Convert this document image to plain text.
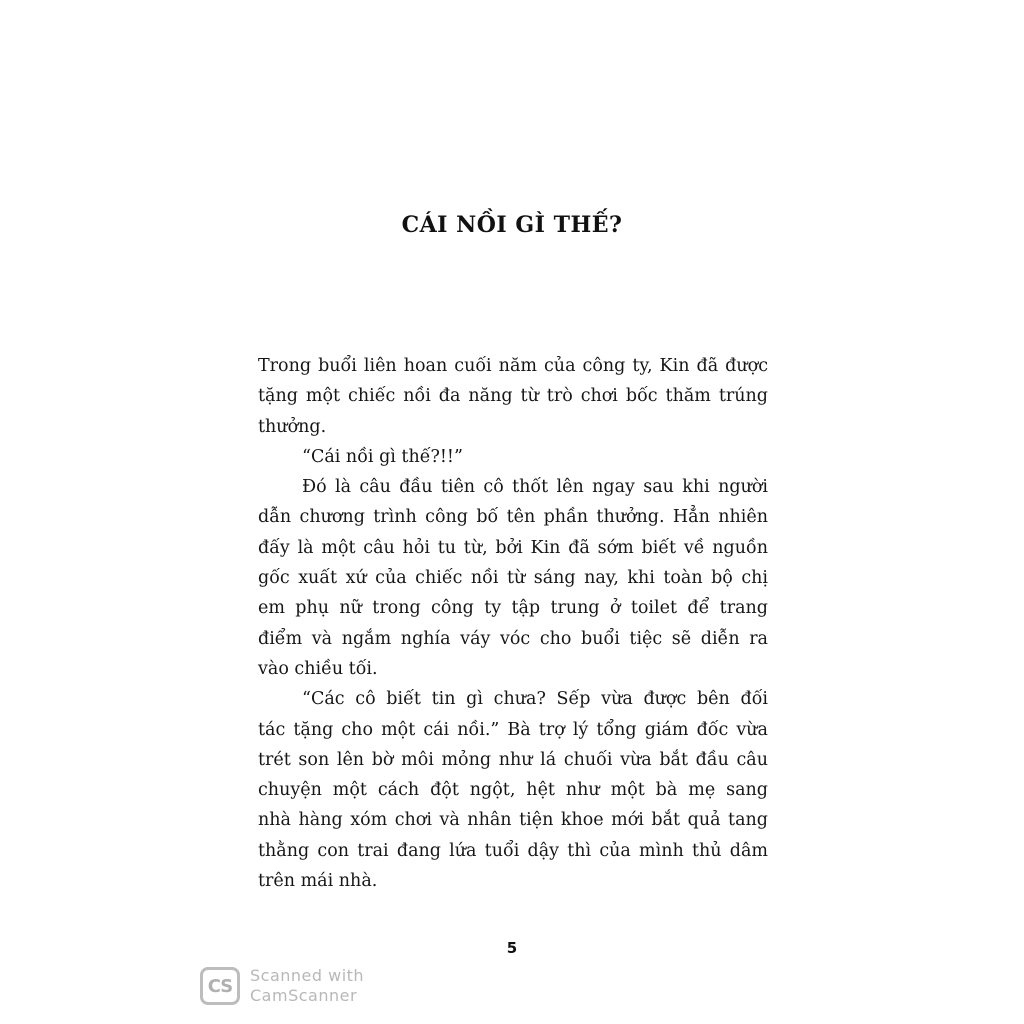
CÁI NỒI GÌ THẾ?

Trong buổi liên hoan cuối năm của công ty, Kin đã được
tặng một chiếc nồi đa năng từ trò chơi bốc thăm trúng
thưởng.

“Cái nồi gì thế?!!”

Đó là câu đầu tiên cô thốt lên ngay sau khi người
dẫn chương trình công bố tên phần thưởng. Hẳn nhiên
đấy là một câu hỏi tu từ, bởi Kin đã sớm biết về nguồn
gốc xuất xứ của chiếc nồi từ sáng nay, khi toàn bộ chị
em phụ nữ trong công ty tập trung ở toilet để trang
điểm và ngắm nghía váy vóc cho buổi tiệc sẽ diễn ra
vào chiều tối.

“Các cô biết tin gì chưa? Sếp vừa được bên đối
tác tặng cho một cái nồi.” Bà trợ lý tổng giám đốc vừa
trét son lên bờ môi mỏng như lá chuối vừa bắt đầu câu
chuyện một cách đột ngột, hệt như một bà mẹ sang
nhà hàng xóm chơi và nhân tiện khoe mới bắt quả tang
thằng con trai đang lứa tuổi dậy thì của mình thủ dâm
trên mái nhà.

5
CS	Scanned with
CamScanner
